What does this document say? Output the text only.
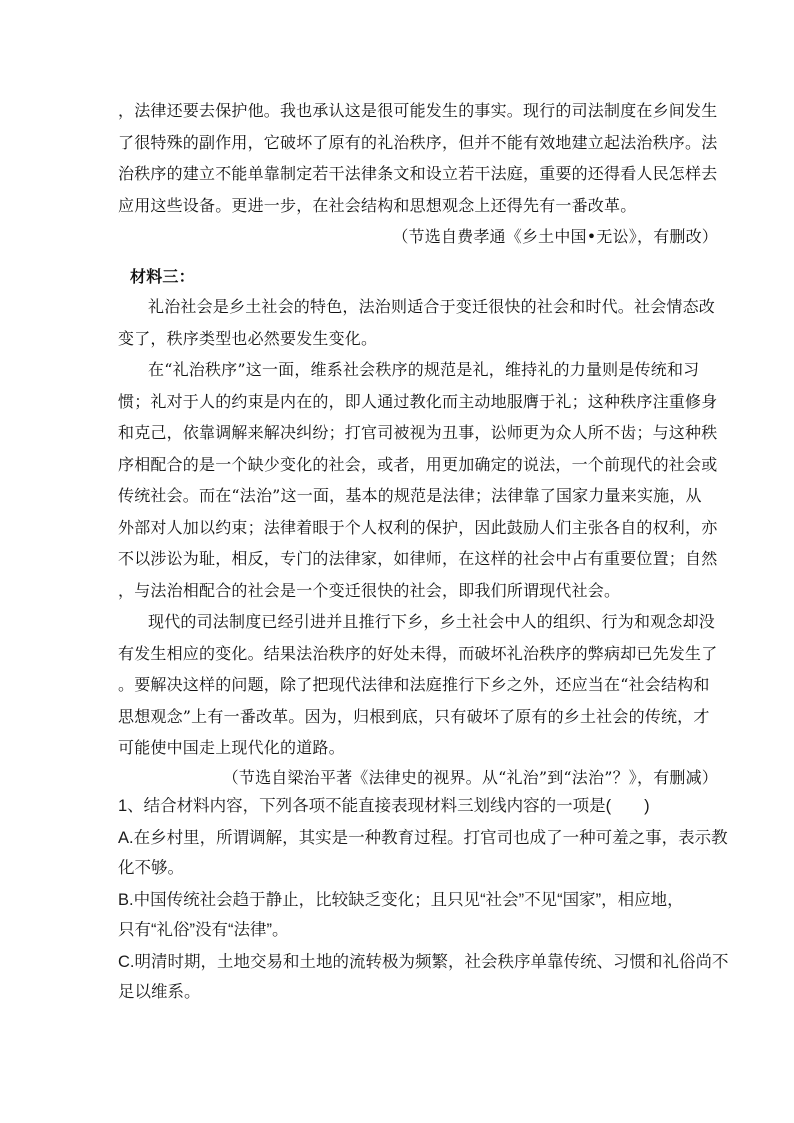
，法律还要去保护他。我也承认这是很可能发生的事实。现行的司法制度在乡间发生
了很特殊的副作用，它破坏了原有的礼治秩序，但并不能有效地建立起法治秩序。法
治秩序的建立不能单靠制定若干法律条文和设立若干法庭，重要的还得看人民怎样去
应用这些设备。更进一步，在社会结构和思想观念上还得先有一番改革。
（节选自费孝通《乡土中国•无讼》，有删改）
材料三：
礼治社会是乡土社会的特色，法治则适合于变迁很快的社会和时代。社会情态改
变了，秩序类型也必然要发生变化。
在“礼治秩序”这一面，维系社会秩序的规范是礼，维持礼的力量则是传统和习
惯；礼对于人的约束是内在的，即人通过教化而主动地服膺于礼；这种秩序注重修身
和克己，依靠调解来解决纠纷；打官司被视为丑事，讼师更为众人所不齿；与这种秩
序相配合的是一个缺少变化的社会，或者，用更加确定的说法，一个前现代的社会或
传统社会。而在“法治”这一面，基本的规范是法律；法律靠了国家力量来实施，从
外部对人加以约束；法律着眼于个人权利的保护，因此鼓励人们主张各自的权利，亦
不以涉讼为耻，相反，专门的法律家，如律师，在这样的社会中占有重要位置；自然
，与法治相配合的社会是一个变迁很快的社会，即我们所谓现代社会。
现代的司法制度已经引进并且推行下乡，乡土社会中人的组织、行为和观念却没
有发生相应的变化。结果法治秩序的好处未得，而破坏礼治秩序的弊病却已先发生了
。要解决这样的问题，除了把现代法律和法庭推行下乡之外，还应当在“社会结构和
思想观念”上有一番改革。因为，归根到底，只有破坏了原有的乡土社会的传统，才
可能使中国走上现代化的道路。
（节选自梁治平著《法律史的视界。从“礼治”到“法治”？》，有删减）
1、结合材料内容，下列各项不能直接表现材料三划线内容的一项是(　　)
A.在乡村里，所谓调解，其实是一种教育过程。打官司也成了一种可羞之事，表示教
化不够。
B.中国传统社会趋于静止，比较缺乏变化；且只见“社会”不见“国家”，相应地，
只有“礼俗”没有“法律”。
C.明清时期，土地交易和土地的流转极为频繁，社会秩序单靠传统、习惯和礼俗尚不
足以维系。
